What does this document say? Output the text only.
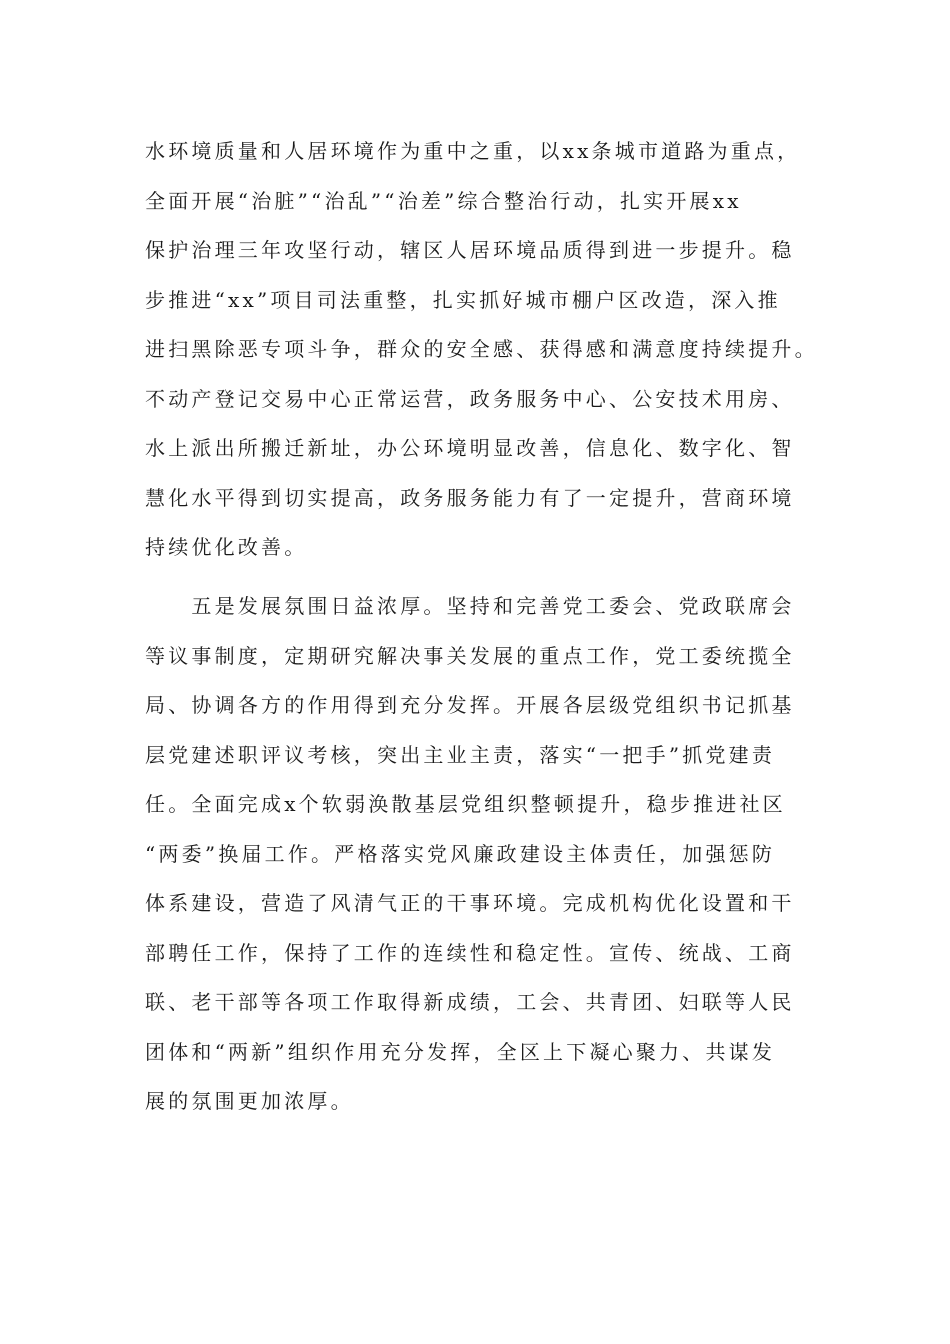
水环境质量和人居环境作为重中之重，以xx条城市道路为重点，
全面开展“治脏”“治乱”“治差”综合整治行动，扎实开展xx
保护治理三年攻坚行动，辖区人居环境品质得到进一步提升。稳
步推进“xx”项目司法重整，扎实抓好城市棚户区改造，深入推
进扫黑除恶专项斗争，群众的安全感、获得感和满意度持续提升。
不动产登记交易中心正常运营，政务服务中心、公安技术用房、
水上派出所搬迁新址，办公环境明显改善，信息化、数字化、智
慧化水平得到切实提高，政务服务能力有了一定提升，营商环境
持续优化改善。
　　五是发展氛围日益浓厚。坚持和完善党工委会、党政联席会
等议事制度，定期研究解决事关发展的重点工作，党工委统揽全
局、协调各方的作用得到充分发挥。开展各层级党组织书记抓基
层党建述职评议考核，突出主业主责，落实“一把手”抓党建责
任。全面完成x个软弱涣散基层党组织整顿提升，稳步推进社区
“两委”换届工作。严格落实党风廉政建设主体责任，加强惩防
体系建设，营造了风清气正的干事环境。完成机构优化设置和干
部聘任工作，保持了工作的连续性和稳定性。宣传、统战、工商
联、老干部等各项工作取得新成绩，工会、共青团、妇联等人民
团体和“两新”组织作用充分发挥，全区上下凝心聚力、共谋发
展的氛围更加浓厚。
